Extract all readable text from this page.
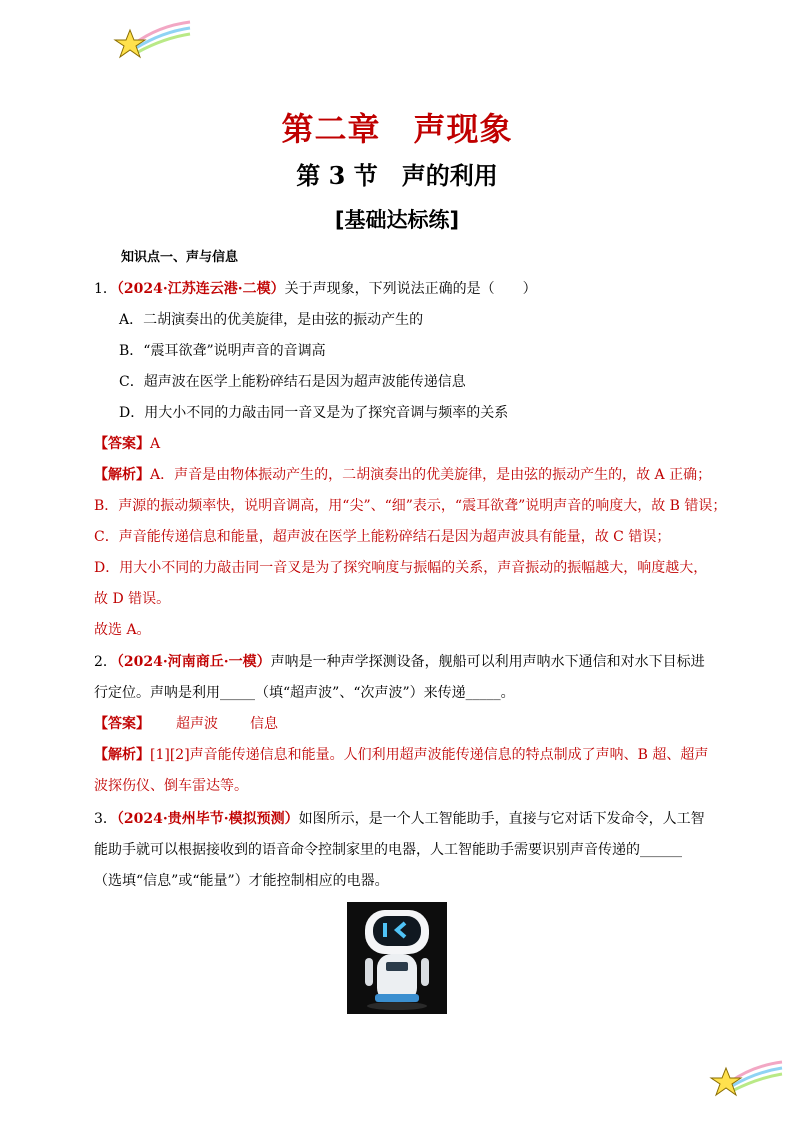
第二章　声现象
第 3 节　声的利用
[基础达标练]
知识点一、声与信息
1．（2024·江苏连云港·二模）关于声现象，下列说法正确的是（　　）
A．二胡演奏出的优美旋律，是由弦的振动产生的
B．“震耳欲聋”说明声音的音调高
C．超声波在医学上能粉碎结石是因为超声波能传递信息
D．用大小不同的力敲击同一音叉是为了探究音调与频率的关系
【答案】A
【解析】A．声音是由物体振动产生的，二胡演奏出的优美旋律，是由弦的振动产生的，故 A 正确；
B．声源的振动频率快，说明音调高，用“尖”、“细”表示，“震耳欲聋”说明声音的响度大，故 B 错误；
C．声音能传递信息和能量，超声波在医学上能粉碎结石是因为超声波具有能量，故 C 错误；
D．用大小不同的力敲击同一音叉是为了探究响度与振幅的关系，声音振动的振幅越大，响度越大，
故 D 错误。
故选 A。
2．（2024·河南商丘·一模）声呐是一种声学探测设备，舰船可以利用声呐水下通信和对水下目标进
行定位。声呐是利用_____（填“超声波”、“次声波”）来传递_____。
【答案】 超声波 信息
【解析】[1][2]声音能传递信息和能量。人们利用超声波能传递信息的特点制成了声呐、B 超、超声
波探伤仪、倒车雷达等。
3．（2024·贵州毕节·模拟预测）如图所示，是一个人工智能助手，直接与它对话下发命令，人工智
能助手就可以根据接收到的语音命令控制家里的电器，人工智能助手需要识别声音传递的______
（选填“信息”或“能量”）才能控制相应的电器。
